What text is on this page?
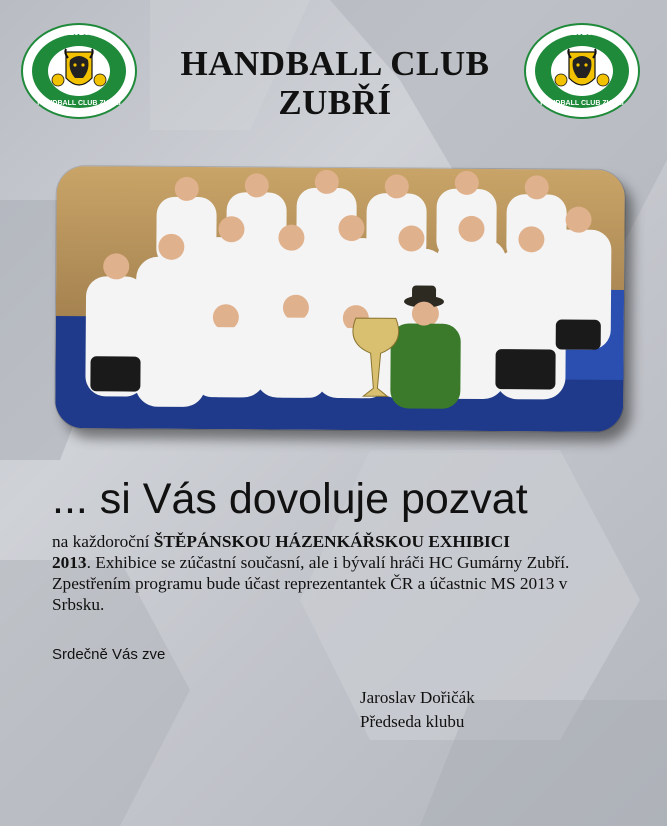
1926
HANDBALL CLUB ZUBŘÍ
1926
HANDBALL CLUB ZUBŘÍ
HANDBALL CLUB
ZUBŘÍ
... si Vás dovoluje pozvat
na každoroční ŠTĚPÁNSKOU HÁZENKÁŘSKOU EXHIBICI
2013. Exhibice se zúčastní současní, ale i bývalí hráči HC Gumárny Zubří. Zpestřením programu bude účast reprezentantek ČR a účastnic MS 2013 v Srbsku.
Srdečně Vás zve
Jaroslav Dořičák
Předseda klubu
